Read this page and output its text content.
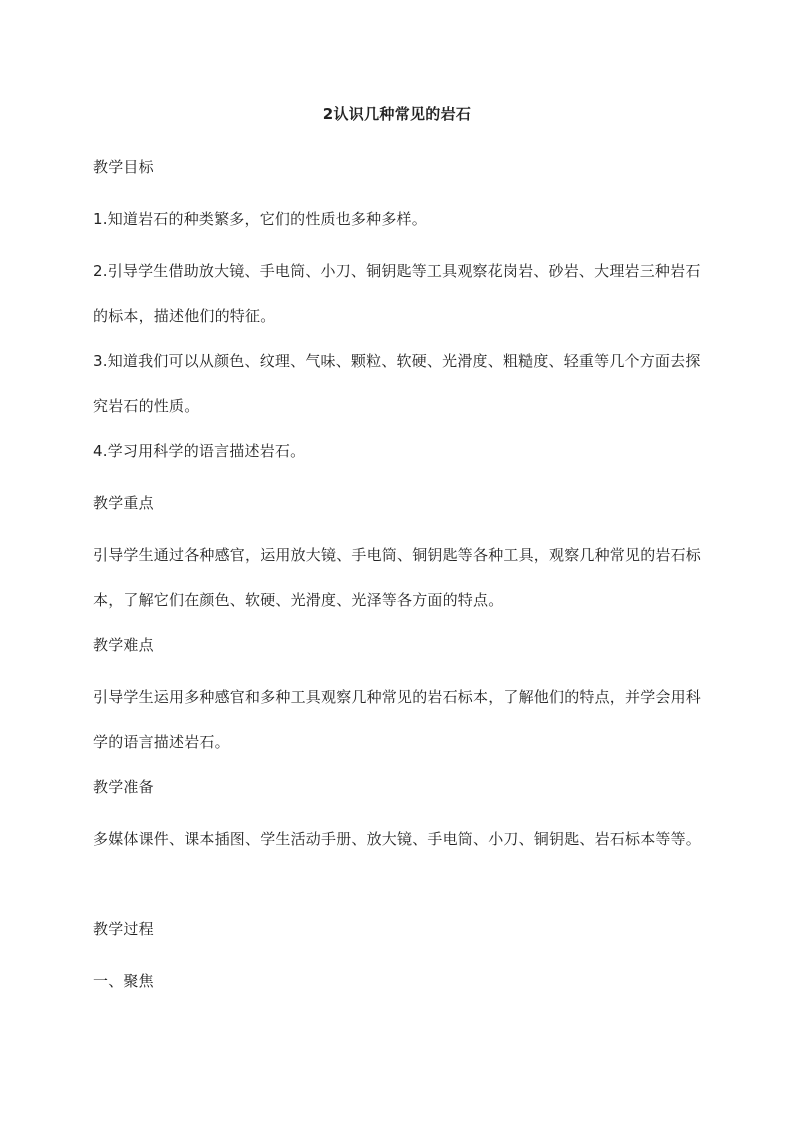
2认识几种常见的岩石

教学目标

1.知道岩石的种类繁多，它们的性质也多种多样。

2.引导学生借助放大镜、手电筒、小刀、铜钥匙等工具观察花岗岩、砂岩、大理岩三种岩石的标本，描述他们的特征。

3.知道我们可以从颜色、纹理、气味、颗粒、软硬、光滑度、粗糙度、轻重等几个方面去探究岩石的性质。

4.学习用科学的语言描述岩石。

教学重点

引导学生通过各种感官，运用放大镜、手电筒、铜钥匙等各种工具，观察几种常见的岩石标本，了解它们在颜色、软硬、光滑度、光泽等各方面的特点。

教学难点

引导学生运用多种感官和多种工具观察几种常见的岩石标本，了解他们的特点，并学会用科学的语言描述岩石。

教学准备

多媒体课件、课本插图、学生活动手册、放大镜、手电筒、小刀、铜钥匙、岩石标本等等。

教学过程

一、聚焦
